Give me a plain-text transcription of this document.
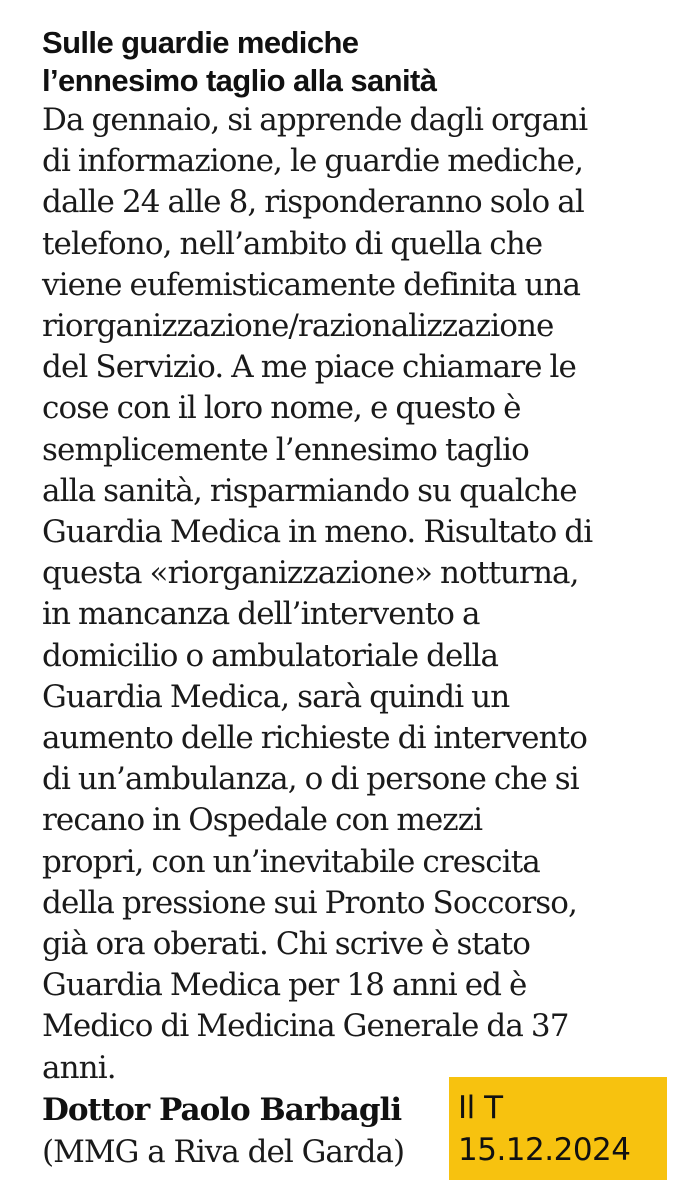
Sulle guardie mediche
l’ennesimo taglio alla sanità
Da gennaio, si apprende dagli organi
di informazione, le guardie mediche,
dalle 24 alle 8, risponderanno solo al
telefono, nell’ambito di quella che
viene eufemisticamente definita una
riorganizzazione/razionalizzazione
del Servizio. A me piace chiamare le
cose con il loro nome, e questo è
semplicemente l’ennesimo taglio
alla sanità, risparmiando su qualche
Guardia Medica in meno. Risultato di
questa «riorganizzazione» notturna,
in mancanza dell’intervento a
domicilio o ambulatoriale della
Guardia Medica, sarà quindi un
aumento delle richieste di intervento
di un’ambulanza, o di persone che si
recano in Ospedale con mezzi
propri, con un’inevitabile crescita
della pressione sui Pronto Soccorso,
già ora oberati. Chi scrive è stato
Guardia Medica per 18 anni ed è
Medico di Medicina Generale da 37
anni.
Dottor Paolo Barbagli
(MMG a Riva del Garda)
Il T
15.12.2024
